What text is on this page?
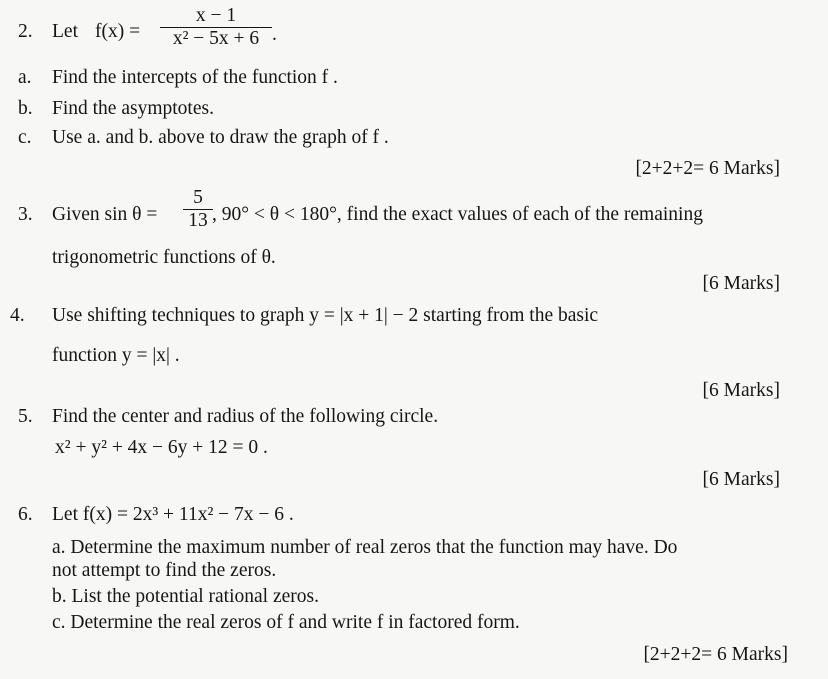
2. Let f(x) =
x − 1
x² − 5x + 6 .
a. Find the intercepts of the function f .
b. Find the asymptotes.
c. Use a. and b. above to draw the graph of f .
[2+2+2= 6 Marks]
3. Given sin θ =
5
13 , 90° < θ < 180°, find the exact values of each of the remaining
trigonometric functions of θ.
[6 Marks]
4. Use shifting techniques to graph y = |x + 1| − 2 starting from the basic
function y = |x| .
[6 Marks]
5. Find the center and radius of the following circle.
x² + y² + 4x − 6y + 12 = 0 .
[6 Marks]
6. Let f(x) = 2x³ + 11x² − 7x − 6 .
a. Determine the maximum number of real zeros that the function may have. Do
not attempt to find the zeros.
b. List the potential rational zeros.
c. Determine the real zeros of f and write f in factored form.
[2+2+2= 6 Marks]
